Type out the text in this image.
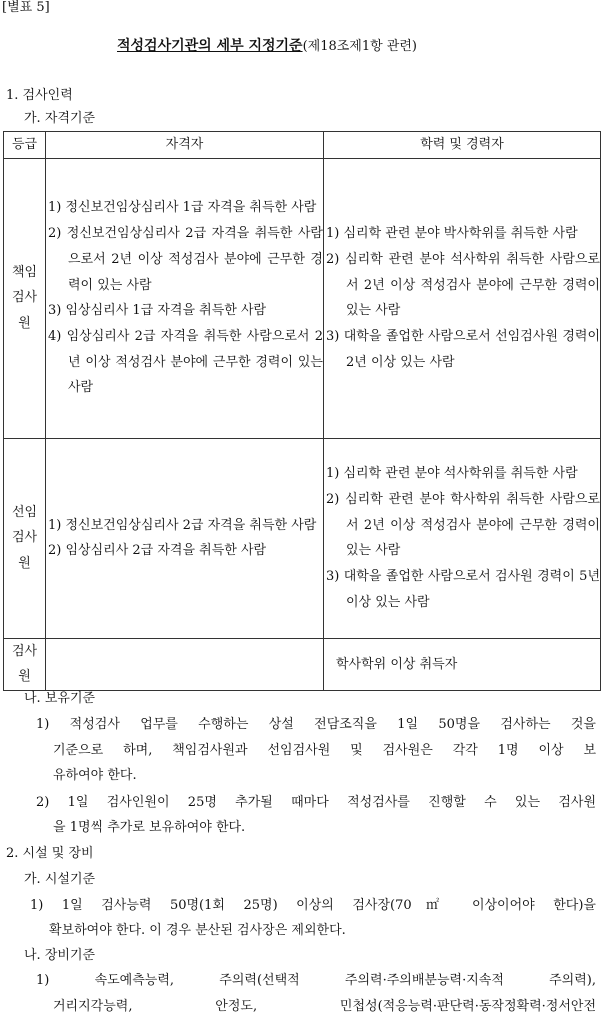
[별표 5]
적성검사기관의 세부 지정기준(제18조제1항 관련)
1. 검사인력
가. 자격기준
등급	자격자	학력 및 경력자
책임검사원	1) 정신보건임상심리사 1급 자격을 취득한 사람
2) 정신보건임상심리사 2급 자격을 취득한 사람으로서 2년 이상 적성검사 분야에 근무한 경력이 있는 사람
3) 임상심리사 1급 자격을 취득한 사람
4) 임상심리사 2급 자격을 취득한 사람으로서 2년 이상 적성검사 분야에 근무한 경력이 있는 사람	1) 심리학 관련 분야 박사학위를 취득한 사람
2) 심리학 관련 분야 석사학위 취득한 사람으로서 2년 이상 적성검사 분야에 근무한 경력이 있는 사람
3) 대학을 졸업한 사람으로서 선임검사원 경력이 2년 이상 있는 사람

선임검사원	1) 정신보건임상심리사 2급 자격을 취득한 사람
2) 임상심리사 2급 자격을 취득한 사람	1) 심리학 관련 분야 석사학위를 취득한 사람
2) 심리학 관련 분야 학사학위 취득한 사람으로서 2년 이상 적성검사 분야에 근무한 경력이 있는 사람
3) 대학을 졸업한 사람으로서 검사원 경력이 5년 이상 있는 사람

검사원		학사학위 이상 취득자
나. 보유기준
1) 적성검사 업무를 수행하는 상설 전담조직을 1일 50명을 검사하는 것을
기준으로 하며, 책임검사원과 선임검사원 및 검사원은 각각 1명 이상 보
유하여야 한다.
2) 1일 검사인원이 25명 추가될 때마다 적성검사를 진행할 수 있는 검사원
을 1명씩 추가로 보유하여야 한다.
2. 시설 및 장비
가. 시설기준
1) 1일 검사능력 50명(1회 25명) 이상의 검사장(70㎡ 이상이어야 한다)을
확보하여야 한다. 이 경우 분산된 검사장은 제외한다.
나. 장비기준
1) 속도예측능력, 주의력(선택적 주의력·주의배분능력·지속적 주의력),
거리지각능력, 안정도, 민첩성(적응능력·판단력·동작정확력·정서안전
